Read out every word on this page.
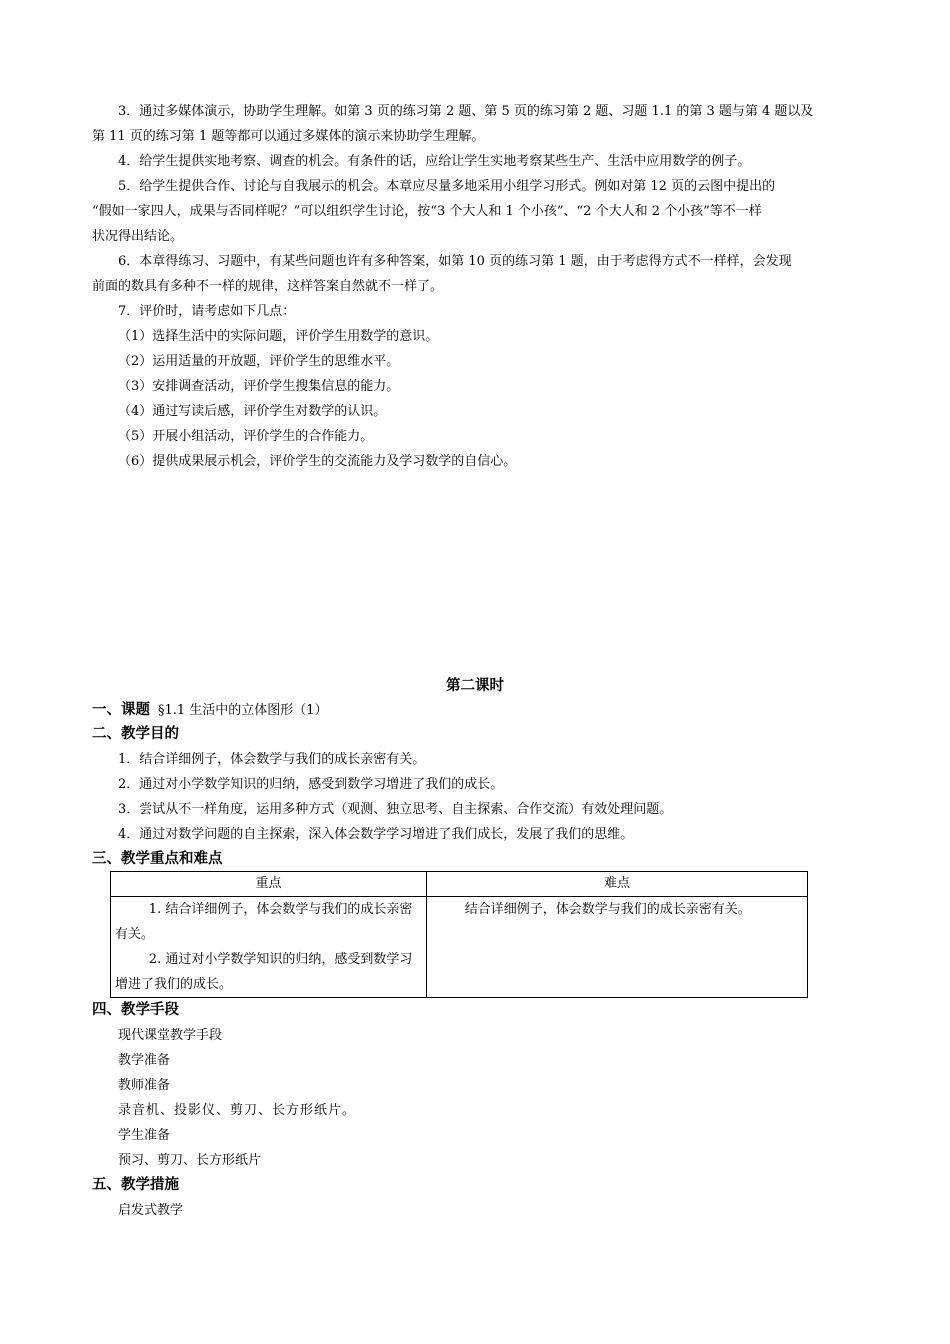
3．通过多媒体演示，协助学生理解。如第 3 页的练习第 2 题、第 5 页的练习第 2 题、习题 1.1 的第 3 题与第 4 题以及
第 11 页的练习第 1 题等都可以通过多媒体的演示来协助学生理解。
4．给学生提供实地考察、调查的机会。有条件的话，应给让学生实地考察某些生产、生活中应用数学的例子。
5．给学生提供合作、讨论与自我展示的机会。本章应尽量多地采用小组学习形式。例如对第 12 页的云图中提出的
“假如一家四人，成果与否同样呢？”可以组织学生讨论，按“3 个大人和 1 个小孩”、“2 个大人和 2 个小孩”等不一样
状况得出结论。
6．本章得练习、习题中，有某些问题也许有多种答案，如第 10 页的练习第 1 题，由于考虑得方式不一样样，会发现
前面的数具有多种不一样的规律，这样答案自然就不一样了。
7．评价时，请考虑如下几点：
（1）选择生活中的实际问题，评价学生用数学的意识。
（2）运用适量的开放题，评价学生的思维水平。
（3）安排调查活动，评价学生搜集信息的能力。
（4）通过写读后感，评价学生对数学的认识。
（5）开展小组活动，评价学生的合作能力。
（6）提供成果展示机会，评价学生的交流能力及学习数学的自信心。
第二课时
一、课题 §1.1 生活中的立体图形（1）
二、教学目的
1．结合详细例子，体会数学与我们的成长亲密有关。
2．通过对小学数学知识的归纳，感受到数学习增进了我们的成长。
3．尝试从不一样角度，运用多种方式（观测、独立思考、自主探索、合作交流）有效处理问题。
4．通过对数学问题的自主探索，深入体会数学学习增进了我们成长，发展了我们的思维。
三、教学重点和难点
重点	难点

1. 结合详细例子，体会数学与我们的成长亲密有关。

2. 通过对小学数学知识的归纳，感受到数学习增进了我们的成长。	结合详细例子，体会数学与我们的成长亲密有关。

四、教学手段
现代课堂教学手段
教学准备
教师准备
录音机、投影仪、剪刀、长方形纸片。
学生准备
预习、剪刀、长方形纸片
五、教学措施
启发式教学
